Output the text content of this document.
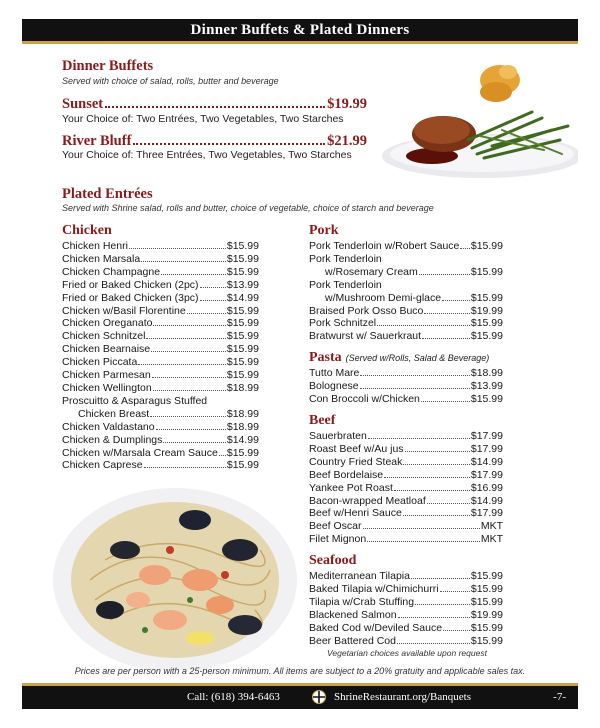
Dinner Buffets & Plated Dinners
Dinner Buffets
Served with choice of salad, rolls, butter and beverage
Sunset	$19.99
Your Choice of: Two Entrées, Two Vegetables, Two Starches
River Bluff	$21.99
Your Choice of: Three Entrées, Two Vegetables, Two Starches
Plated Entrées
Served with Shrine salad, rolls and butter, choice of vegetable, choice of starch and beverage
Chicken
Chicken Henri	$15.99
Chicken Marsala	$15.99
Chicken Champagne	$15.99
Fried or Baked Chicken (2pc)	$13.99
Fried or Baked Chicken (3pc)	$14.99
Chicken w/Basil Florentine	$15.99
Chicken Oreganato	$15.99
Chicken Schnitzel	$15.99
Chicken Bearnaise	$15.99
Chicken Piccata	$15.99
Chicken Parmesan	$15.99
Chicken Wellington	$18.99
Proscuitto & Asparagus Stuffed
Chicken Breast	$18.99
Chicken Valdastano	$18.99
Chicken & Dumplings	$14.99
Chicken w/Marsala Cream Sauce $15.99
Chicken Caprese	$15.99
Pork
Pork Tenderloin w/Robert Sauce $15.99
Pork Tenderloin
w/Rosemary Cream	$15.99
Pork Tenderloin
w/Mushroom Demi-glace	$15.99
Braised Pork Osso Buco	$19.99
Pork Schnitzel	$15.99
Bratwurst w/ Sauerkraut	$15.99
Pasta (Served w/Rolls, Salad & Beverage)
Tutto Mare	$18.99
Bolognese	$13.99
Con Broccoli w/Chicken	$15.99
Beef
Sauerbraten	$17.99
Roast Beef w/Au jus	$17.99
Country Fried Steak	$14.99
Beef Bordelaise	$17.99
Yankee Pot Roast	$16.99
Bacon-wrapped Meatloaf	$14.99
Beef w/Henri Sauce	$17.99
Beef Oscar	MKT
Filet Mignon	MKT
Seafood
Mediterranean Tilapia	$15.99
Baked Tilapia w/Chimichurri	$15.99
Tilapia w/Crab Stuffing	$15.99
Blackened Salmon	$19.99
Baked Cod w/Deviled Sauce	$15.99
Beer Battered Cod	$15.99
Vegetarian choices available upon request
Prices are per person with a 25-person minimum. All items are subject to a 20% gratuity and applicable sales tax.
Call: (618) 394-6463	ShrineRestaurant.org/Banquets	-7-
